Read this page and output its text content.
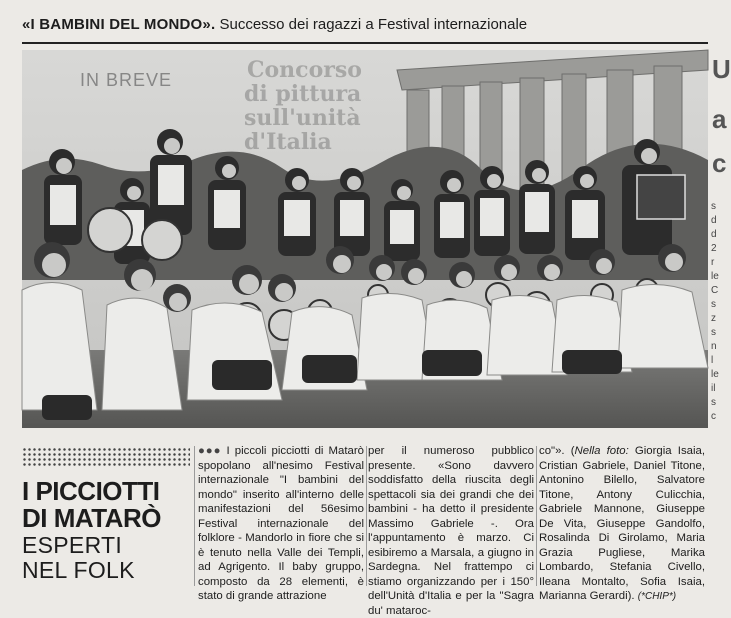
«I BAMBINI DEL MONDO». Successo dei ragazzi a Festival internazionale
IN BREVE	Concorso
di pittura
sull'unità
d'Italia
I PICCIOTTI
DI MATARÒ
ESPERTI
NEL FOLK
●●● I piccoli picciotti di Matarò spopolano all'nesimo Festival internazionale "I bambini del mondo" inserito all'interno delle manifestazioni del 56esimo Festival internazionale del folklore - Mandorlo in fiore che si è tenuto nella Valle dei Templi, ad Agrigento. Il baby gruppo, composto da 28 elementi, è stato di grande attrazione
per il numeroso pubblico presente. «Sono davvero soddisfatto della riuscita degli spettacoli sia dei grandi che dei bambini - ha detto il presidente Massimo Gabriele -. Ora l'appuntamento è marzo. Ci esibiremo a Marsala, a giugno in Sardegna. Nel frattempo ci stiamo organizzando per i 150° dell'Unità d'Italia e per la "Sagra du' mataroc-
co"». (Nella foto: Giorgia Isaia, Cristian Gabriele, Daniel Titone, Antonino Bilello, Salvatore Titone, Antony Culicchia, Gabriele Mannone, Giuseppe De Vita, Giuseppe Gandolfo, Rosalinda Di Girolamo, Maria Grazia Pugliese, Marika Lombardo, Stefania Civello, Ileana Montalto, Sofia Isaia, Marianna Gerardi). (*CHIP*)
U
a
c
s
d
d
2
r
le
C
s
z
s
n
l
le
il
s
c
